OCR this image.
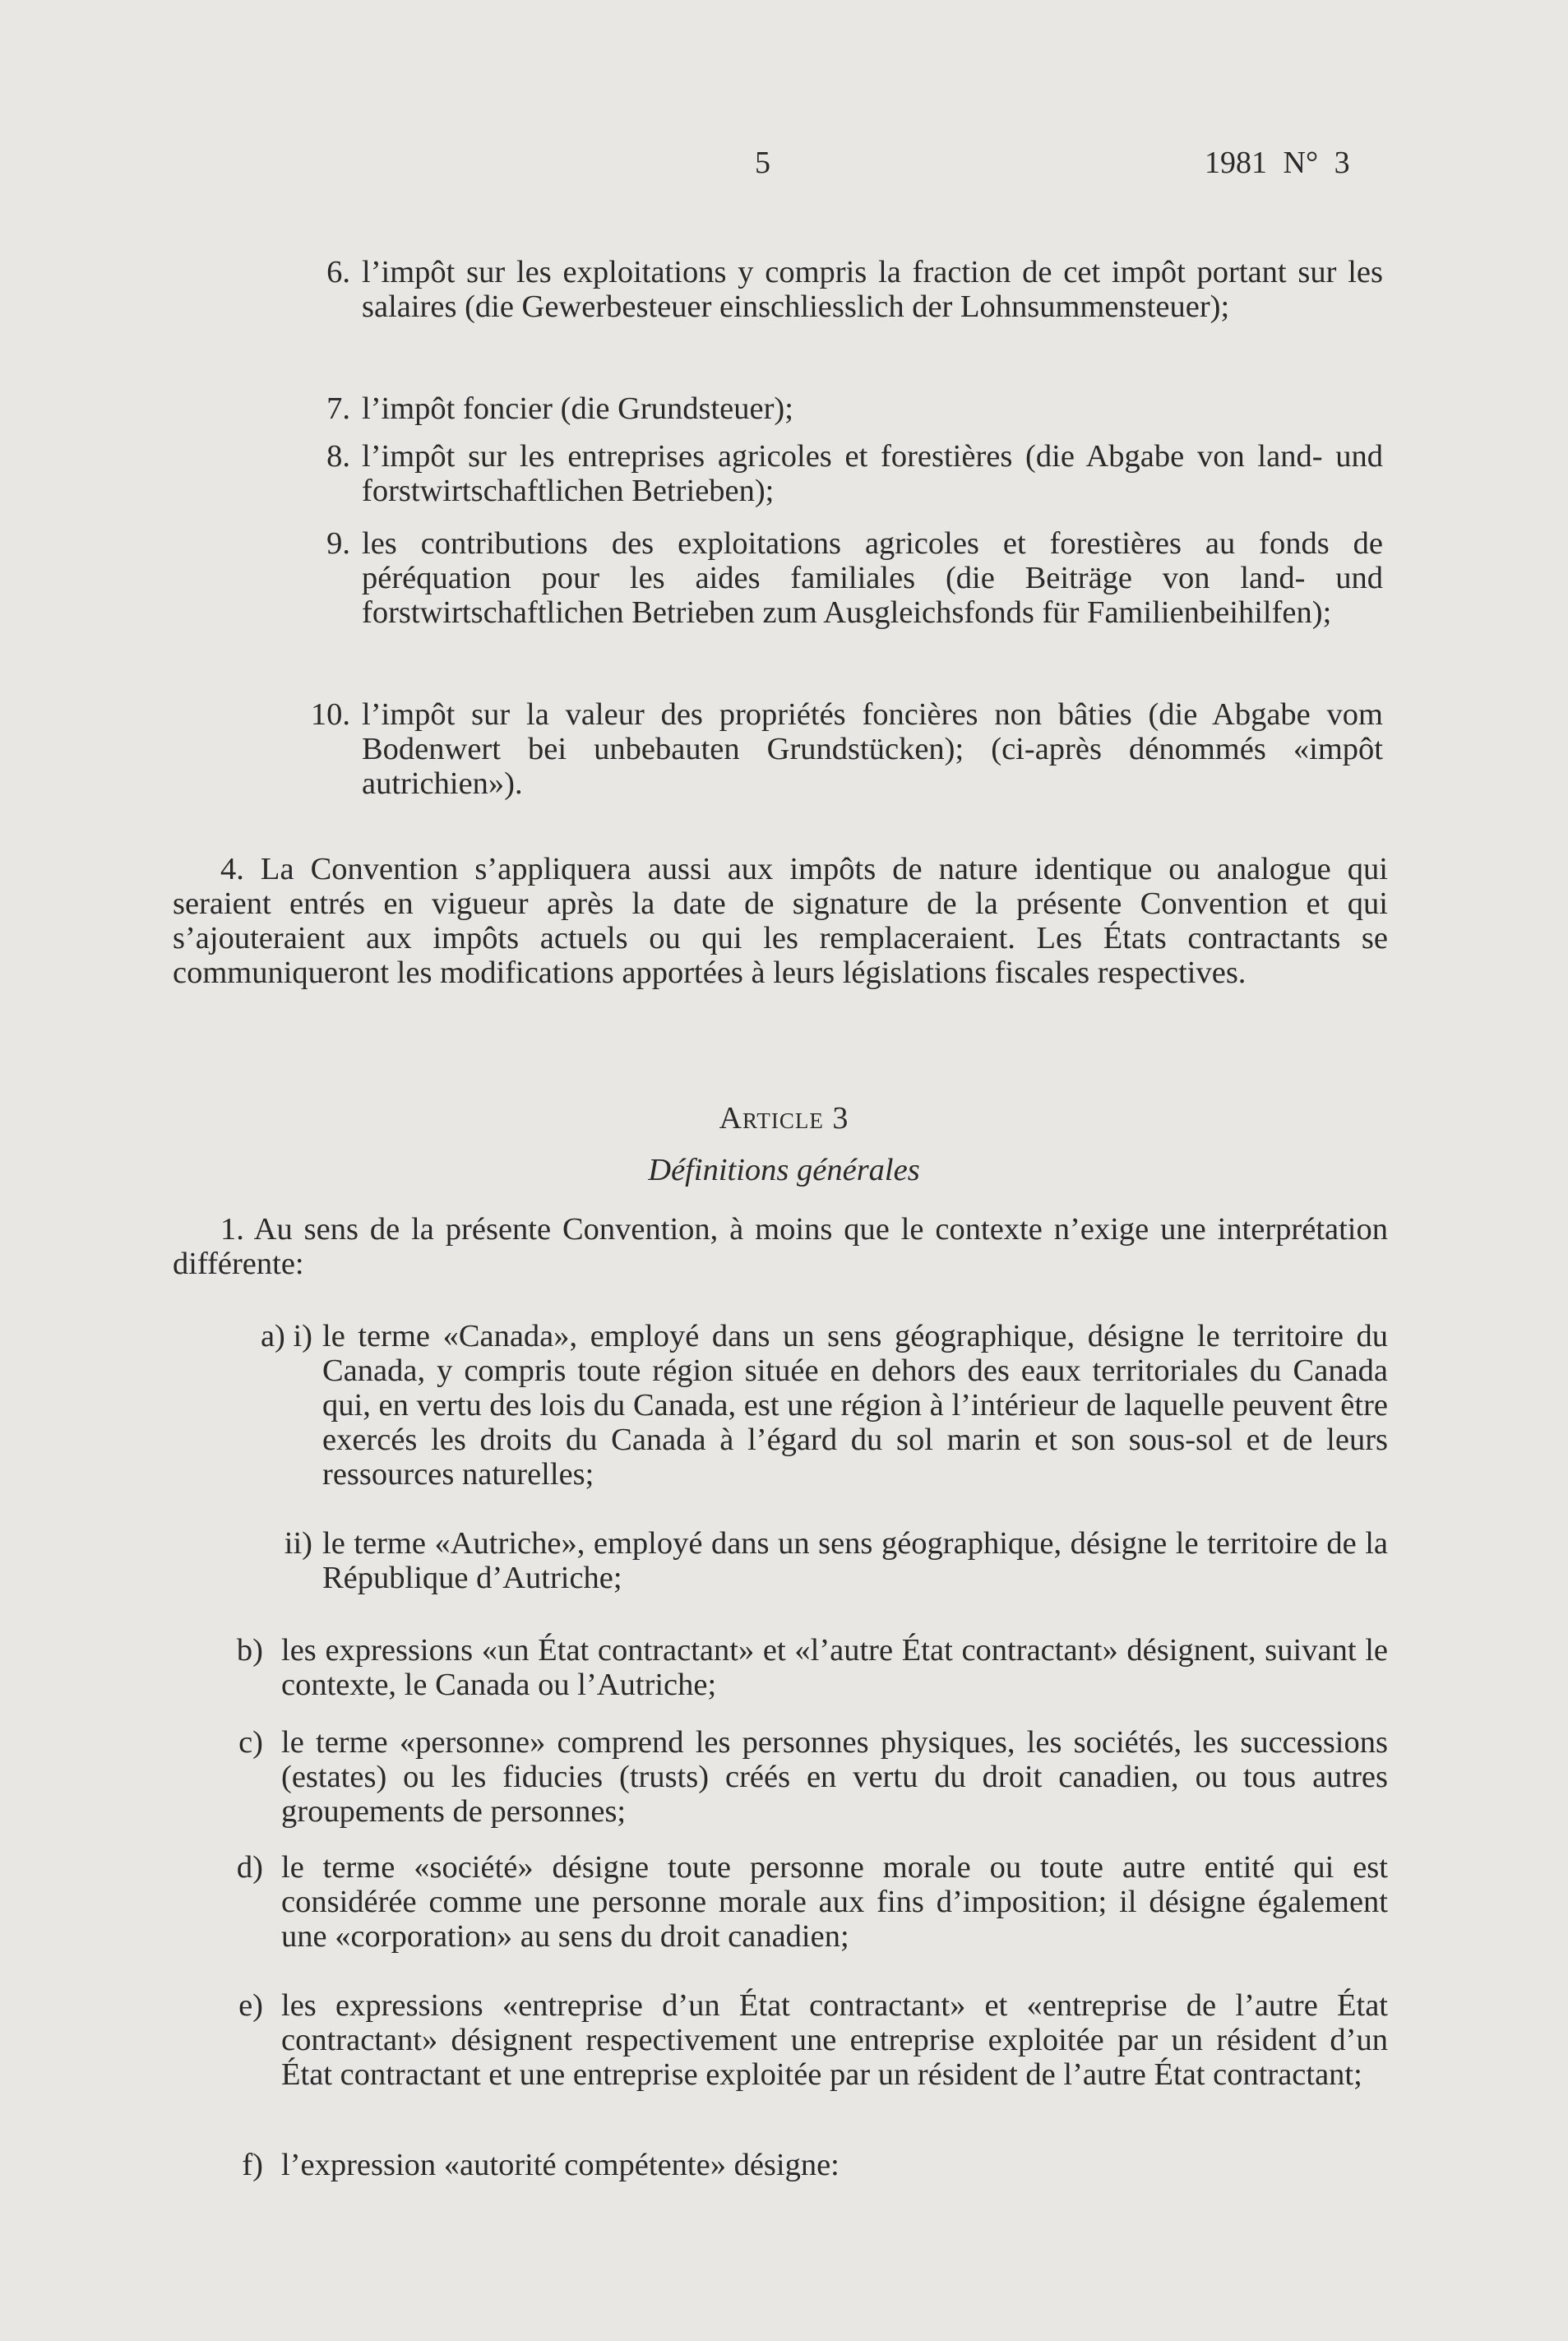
5	1981 N° 3
6. l’impôt sur les exploitations y compris la fraction de cet impôt portant sur les salaires (die Gewerbesteuer einschliesslich der Lohnsummensteuer);
7. l’impôt foncier (die Grundsteuer);
8. l’impôt sur les entreprises agricoles et forestières (die Abgabe von land- und forstwirtschaftlichen Betrieben);
9. les contributions des exploitations agricoles et forestières au fonds de péréquation pour les aides familiales (die Beiträge von land- und forstwirtschaftlichen Betrieben zum Ausgleichsfonds für Familienbeihilfen);
10. l’impôt sur la valeur des propriétés foncières non bâties (die Abgabe vom Bodenwert bei unbebauten Grundstücken); (ci-après dénommés «impôt autrichien»).
4. La Convention s’appliquera aussi aux impôts de nature identique ou analogue qui seraient entrés en vigueur après la date de signature de la présente Convention et qui s’ajouteraient aux impôts actuels ou qui les remplaceraient. Les États contractants se communiqueront les modifications apportées à leurs législations fiscales respectives.
Article 3
Définitions générales
1. Au sens de la présente Convention, à moins que le contexte n’exige une interprétation différente:
a) i) le terme «Canada», employé dans un sens géographique, désigne le territoire du Canada, y compris toute région située en dehors des eaux territoriales du Canada qui, en vertu des lois du Canada, est une région à l’intérieur de laquelle peuvent être exercés les droits du Canada à l’égard du sol marin et son sous-sol et de leurs ressources naturelles;
ii) le terme «Autriche», employé dans un sens géographique, désigne le territoire de la République d’Autriche;
b) les expressions «un État contractant» et «l’autre État contractant» désignent, suivant le contexte, le Canada ou l’Autriche;
c) le terme «personne» comprend les personnes physiques, les sociétés, les successions (estates) ou les fiducies (trusts) créés en vertu du droit canadien, ou tous autres groupements de personnes;
d) le terme «société» désigne toute personne morale ou toute autre entité qui est considérée comme une personne morale aux fins d’imposition; il désigne également une «corporation» au sens du droit canadien;
e) les expressions «entreprise d’un État contractant» et «entreprise de l’autre État contractant» désignent respectivement une entreprise exploitée par un résident d’un État contractant et une entreprise exploitée par un résident de l’autre État contractant;
f) l’expression «autorité compétente» désigne:
